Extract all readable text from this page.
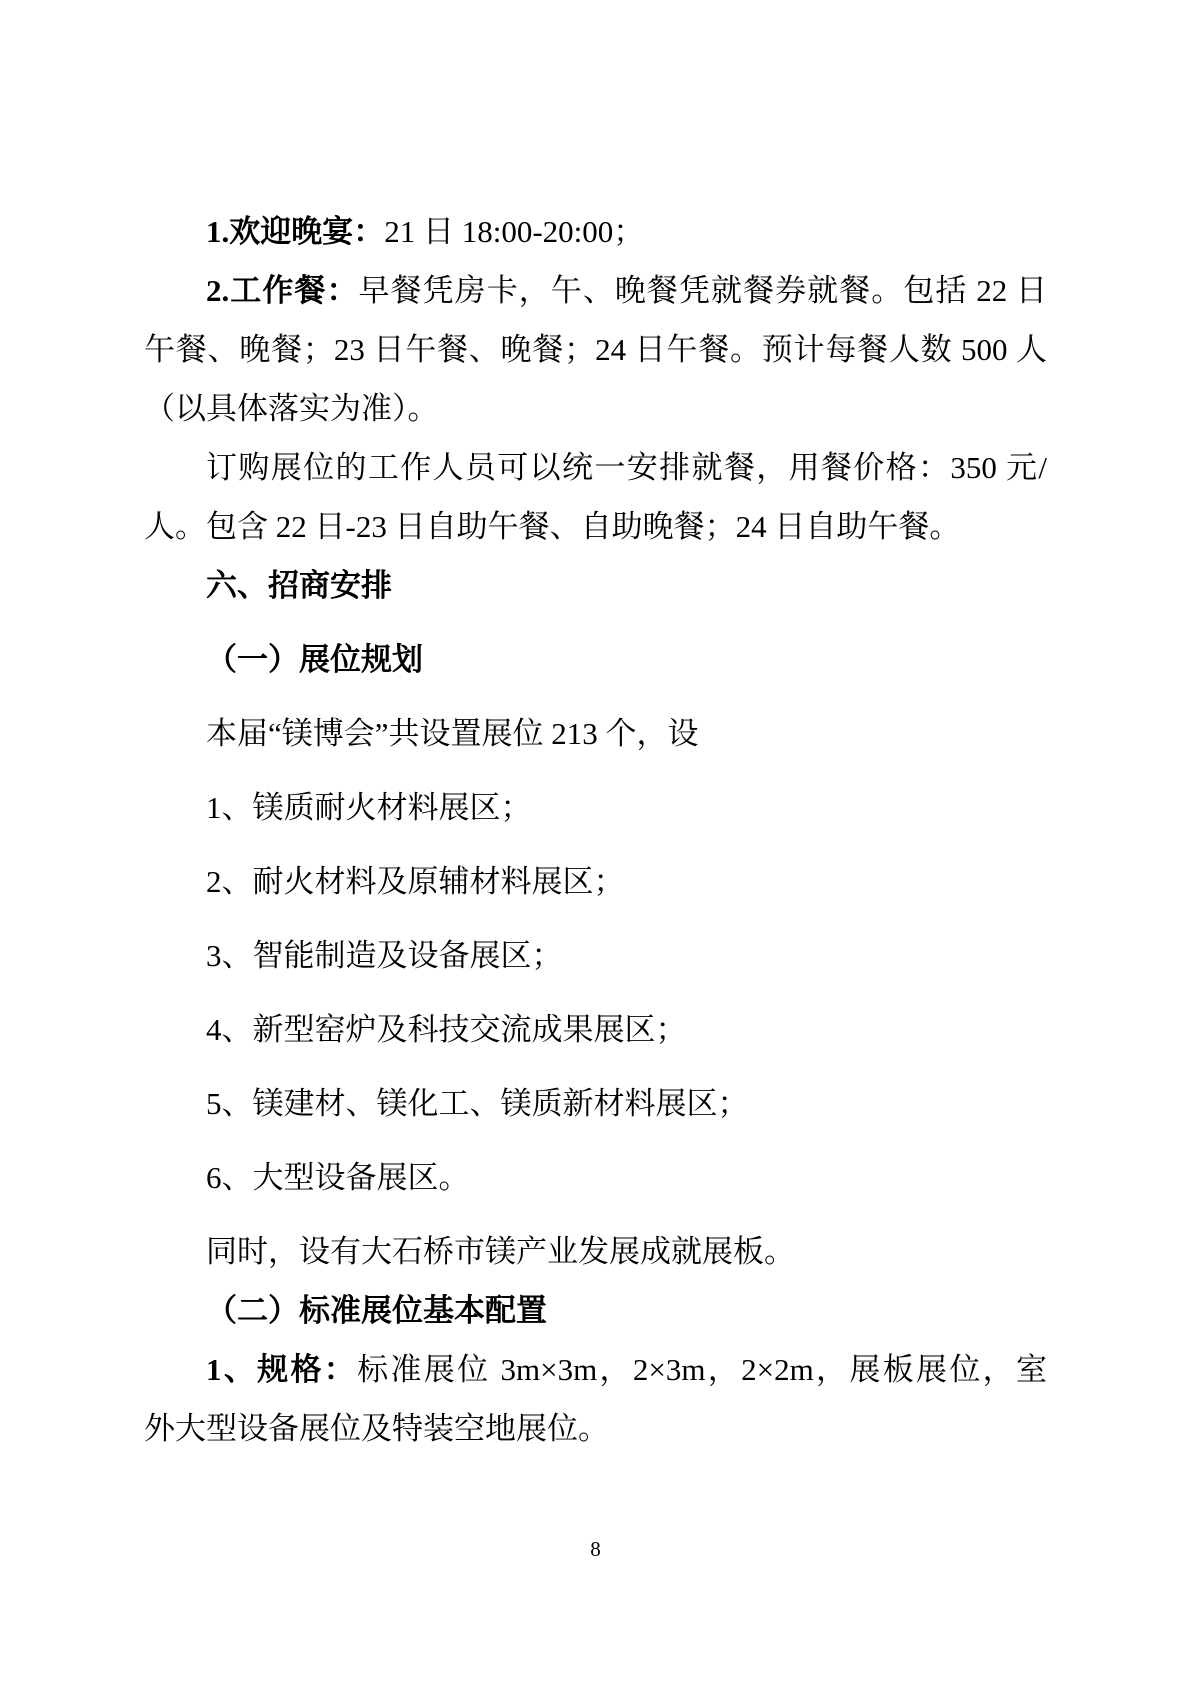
1.欢迎晚宴：21 日 18:00-20:00；

2.工作餐：早餐凭房卡，午、晚餐凭就餐券就餐。包括 22 日
午餐、晚餐；23 日午餐、晚餐；24 日午餐。预计每餐人数 500 人
（以具体落实为准）。

订购展位的工作人员可以统一安排就餐，用餐价格：350 元/
人。包含 22 日-23 日自助午餐、自助晚餐；24 日自助午餐。

六、招商安排

（一）展位规划

本届“镁博会”共设置展位 213 个，设

1、镁质耐火材料展区；

2、耐火材料及原辅材料展区；

3、智能制造及设备展区；

4、新型窑炉及科技交流成果展区；

5、镁建材、镁化工、镁质新材料展区；

6、大型设备展区。

同时，设有大石桥市镁产业发展成就展板。

（二）标准展位基本配置

1、规格：标准展位 3m×3m，2×3m，2×2m，展板展位，室
外大型设备展位及特装空地展位。

8
